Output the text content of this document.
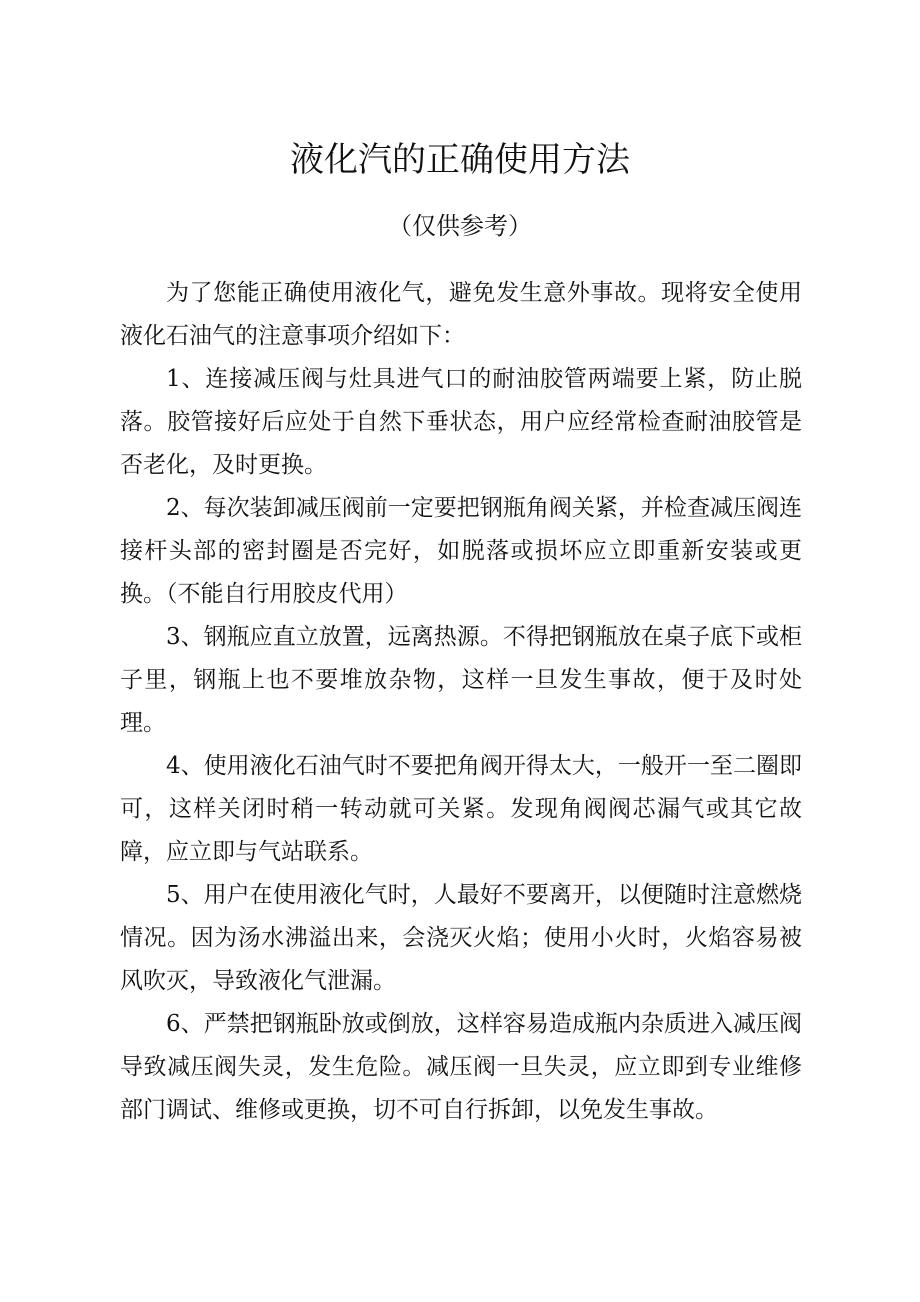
液化汽的正确使用方法
（仅供参考）

为了您能正确使用液化气，避免发生意外事故。现将安全使用液化石油气的注意事项介绍如下：

1、连接减压阀与灶具进气口的耐油胶管两端要上紧，防止脱落。胶管接好后应处于自然下垂状态，用户应经常检查耐油胶管是否老化，及时更换。

2、每次装卸减压阀前一定要把钢瓶角阀关紧，并检查减压阀连接杆头部的密封圈是否完好，如脱落或损坏应立即重新安装或更换。（不能自行用胶皮代用）

3、钢瓶应直立放置，远离热源。不得把钢瓶放在桌子底下或柜子里，钢瓶上也不要堆放杂物，这样一旦发生事故，便于及时处理。

4、使用液化石油气时不要把角阀开得太大，一般开一至二圈即可，这样关闭时稍一转动就可关紧。发现角阀阀芯漏气或其它故障，应立即与气站联系。

5、用户在使用液化气时，人最好不要离开，以便随时注意燃烧情况。因为汤水沸溢出来，会浇灭火焰；使用小火时，火焰容易被风吹灭，导致液化气泄漏。

6、严禁把钢瓶卧放或倒放，这样容易造成瓶内杂质进入减压阀导致减压阀失灵，发生危险。减压阀一旦失灵，应立即到专业维修部门调试、维修或更换，切不可自行拆卸，以免发生事故。
